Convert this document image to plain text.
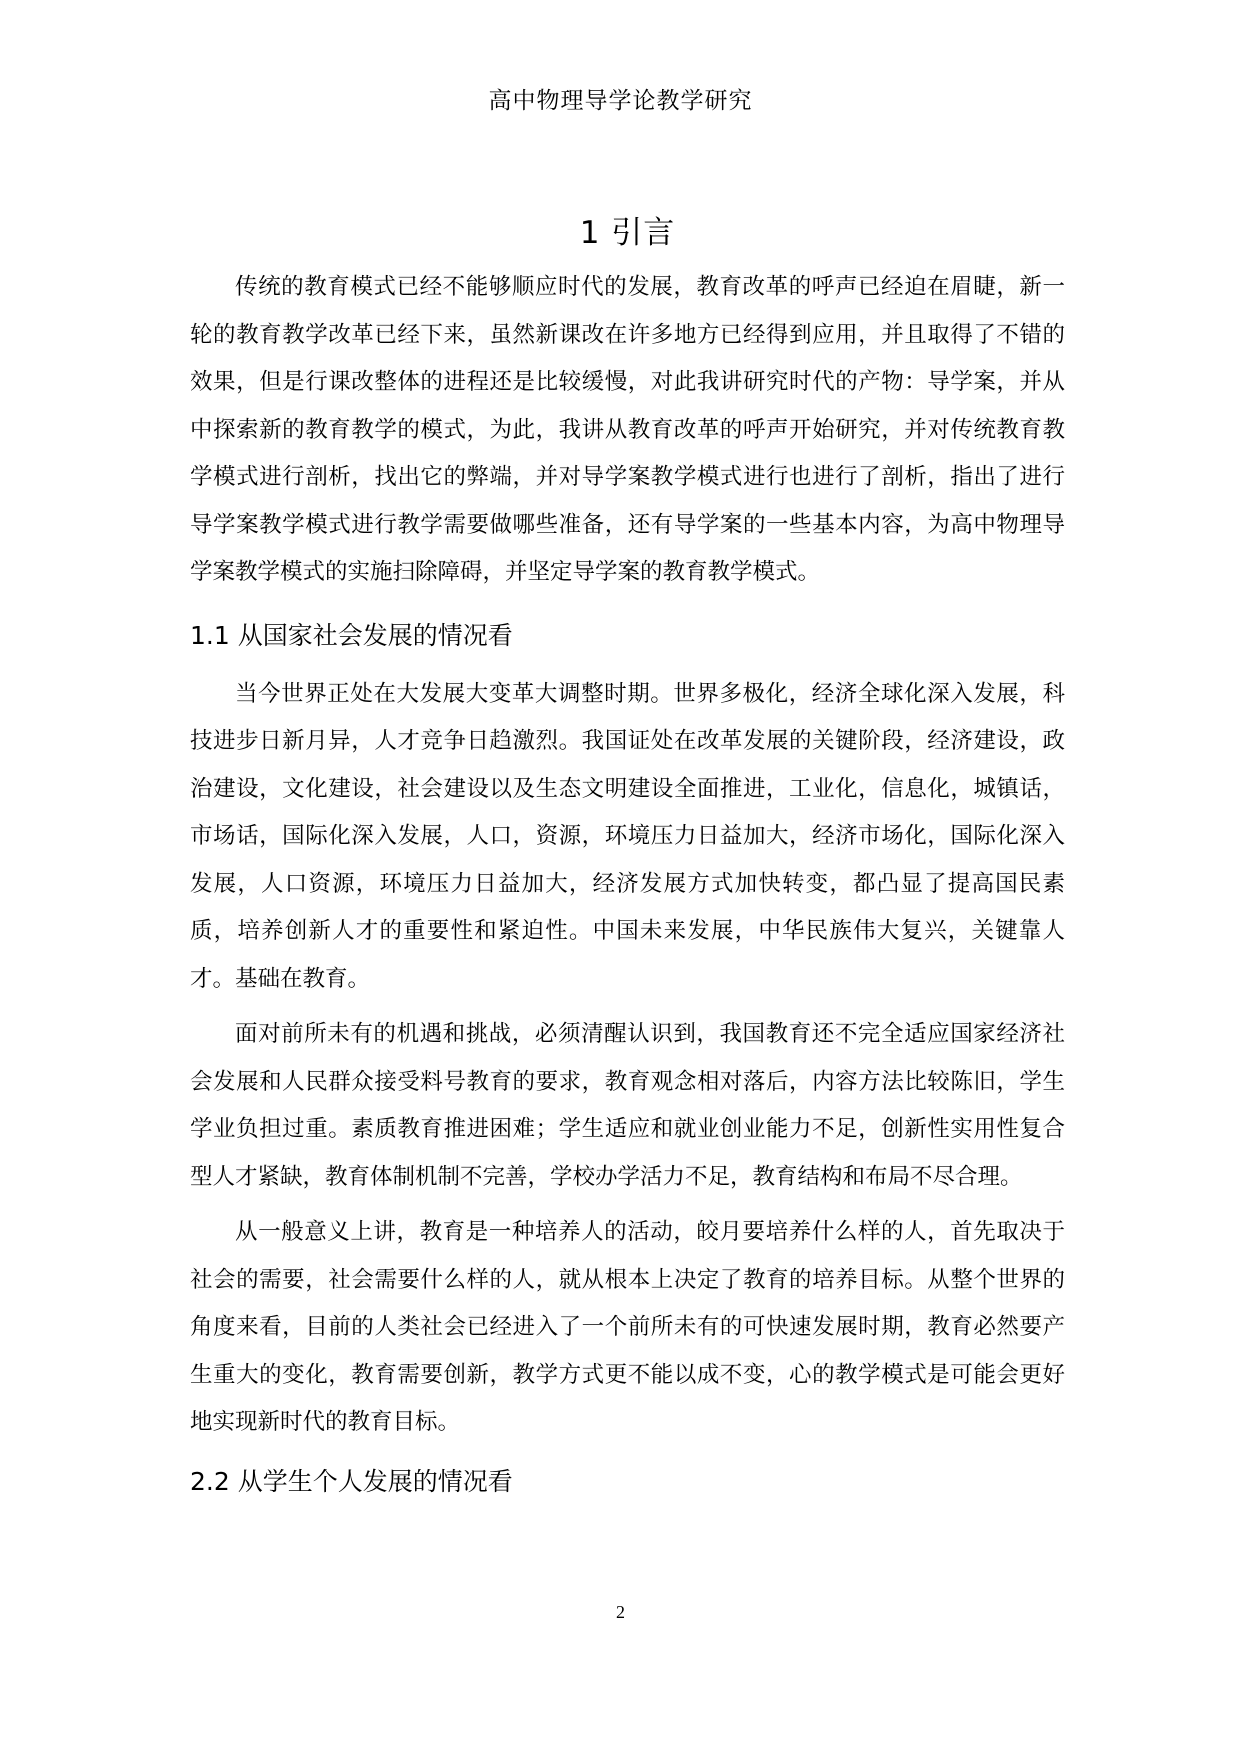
高中物理导学论教学研究
1 引言

传统的教育模式已经不能够顺应时代的发展，教育改革的呼声已经迫在眉睫，新一轮的教育教学改革已经下来，虽然新课改在许多地方已经得到应用，并且取得了不错的效果，但是行课改整体的进程还是比较缓慢，对此我讲研究时代的产物：导学案，并从中探索新的教育教学的模式，为此，我讲从教育改革的呼声开始研究，并对传统教育教学模式进行剖析，找出它的弊端，并对导学案教学模式进行也进行了剖析，指出了进行导学案教学模式进行教学需要做哪些准备，还有导学案的一些基本内容，为高中物理导学案教学模式的实施扫除障碍，并坚定导学案的教育教学模式。

1.1 从国家社会发展的情况看

当今世界正处在大发展大变革大调整时期。世界多极化，经济全球化深入发展，科技进步日新月异，人才竞争日趋激烈。我国证处在改革发展的关键阶段，经济建设，政治建设，文化建设，社会建设以及生态文明建设全面推进，工业化，信息化，城镇话，市场话，国际化深入发展，人口，资源，环境压力日益加大，经济市场化，国际化深入发展，人口资源，环境压力日益加大，经济发展方式加快转变，都凸显了提高国民素质，培养创新人才的重要性和紧迫性。中国未来发展，中华民族伟大复兴，关键靠人才。基础在教育。

面对前所未有的机遇和挑战，必须清醒认识到，我国教育还不完全适应国家经济社会发展和人民群众接受料号教育的要求，教育观念相对落后，内容方法比较陈旧，学生学业负担过重。素质教育推进困难；学生适应和就业创业能力不足，创新性实用性复合型人才紧缺，教育体制机制不完善，学校办学活力不足，教育结构和布局不尽合理。

从一般意义上讲，教育是一种培养人的活动，皎月要培养什么样的人，首先取决于社会的需要，社会需要什么样的人，就从根本上决定了教育的培养目标。从整个世界的角度来看，目前的人类社会已经进入了一个前所未有的可快速发展时期，教育必然要产生重大的变化，教育需要创新，教学方式更不能以成不变，心的教学模式是可能会更好地实现新时代的教育目标。

2.2 从学生个人发展的情况看
2
